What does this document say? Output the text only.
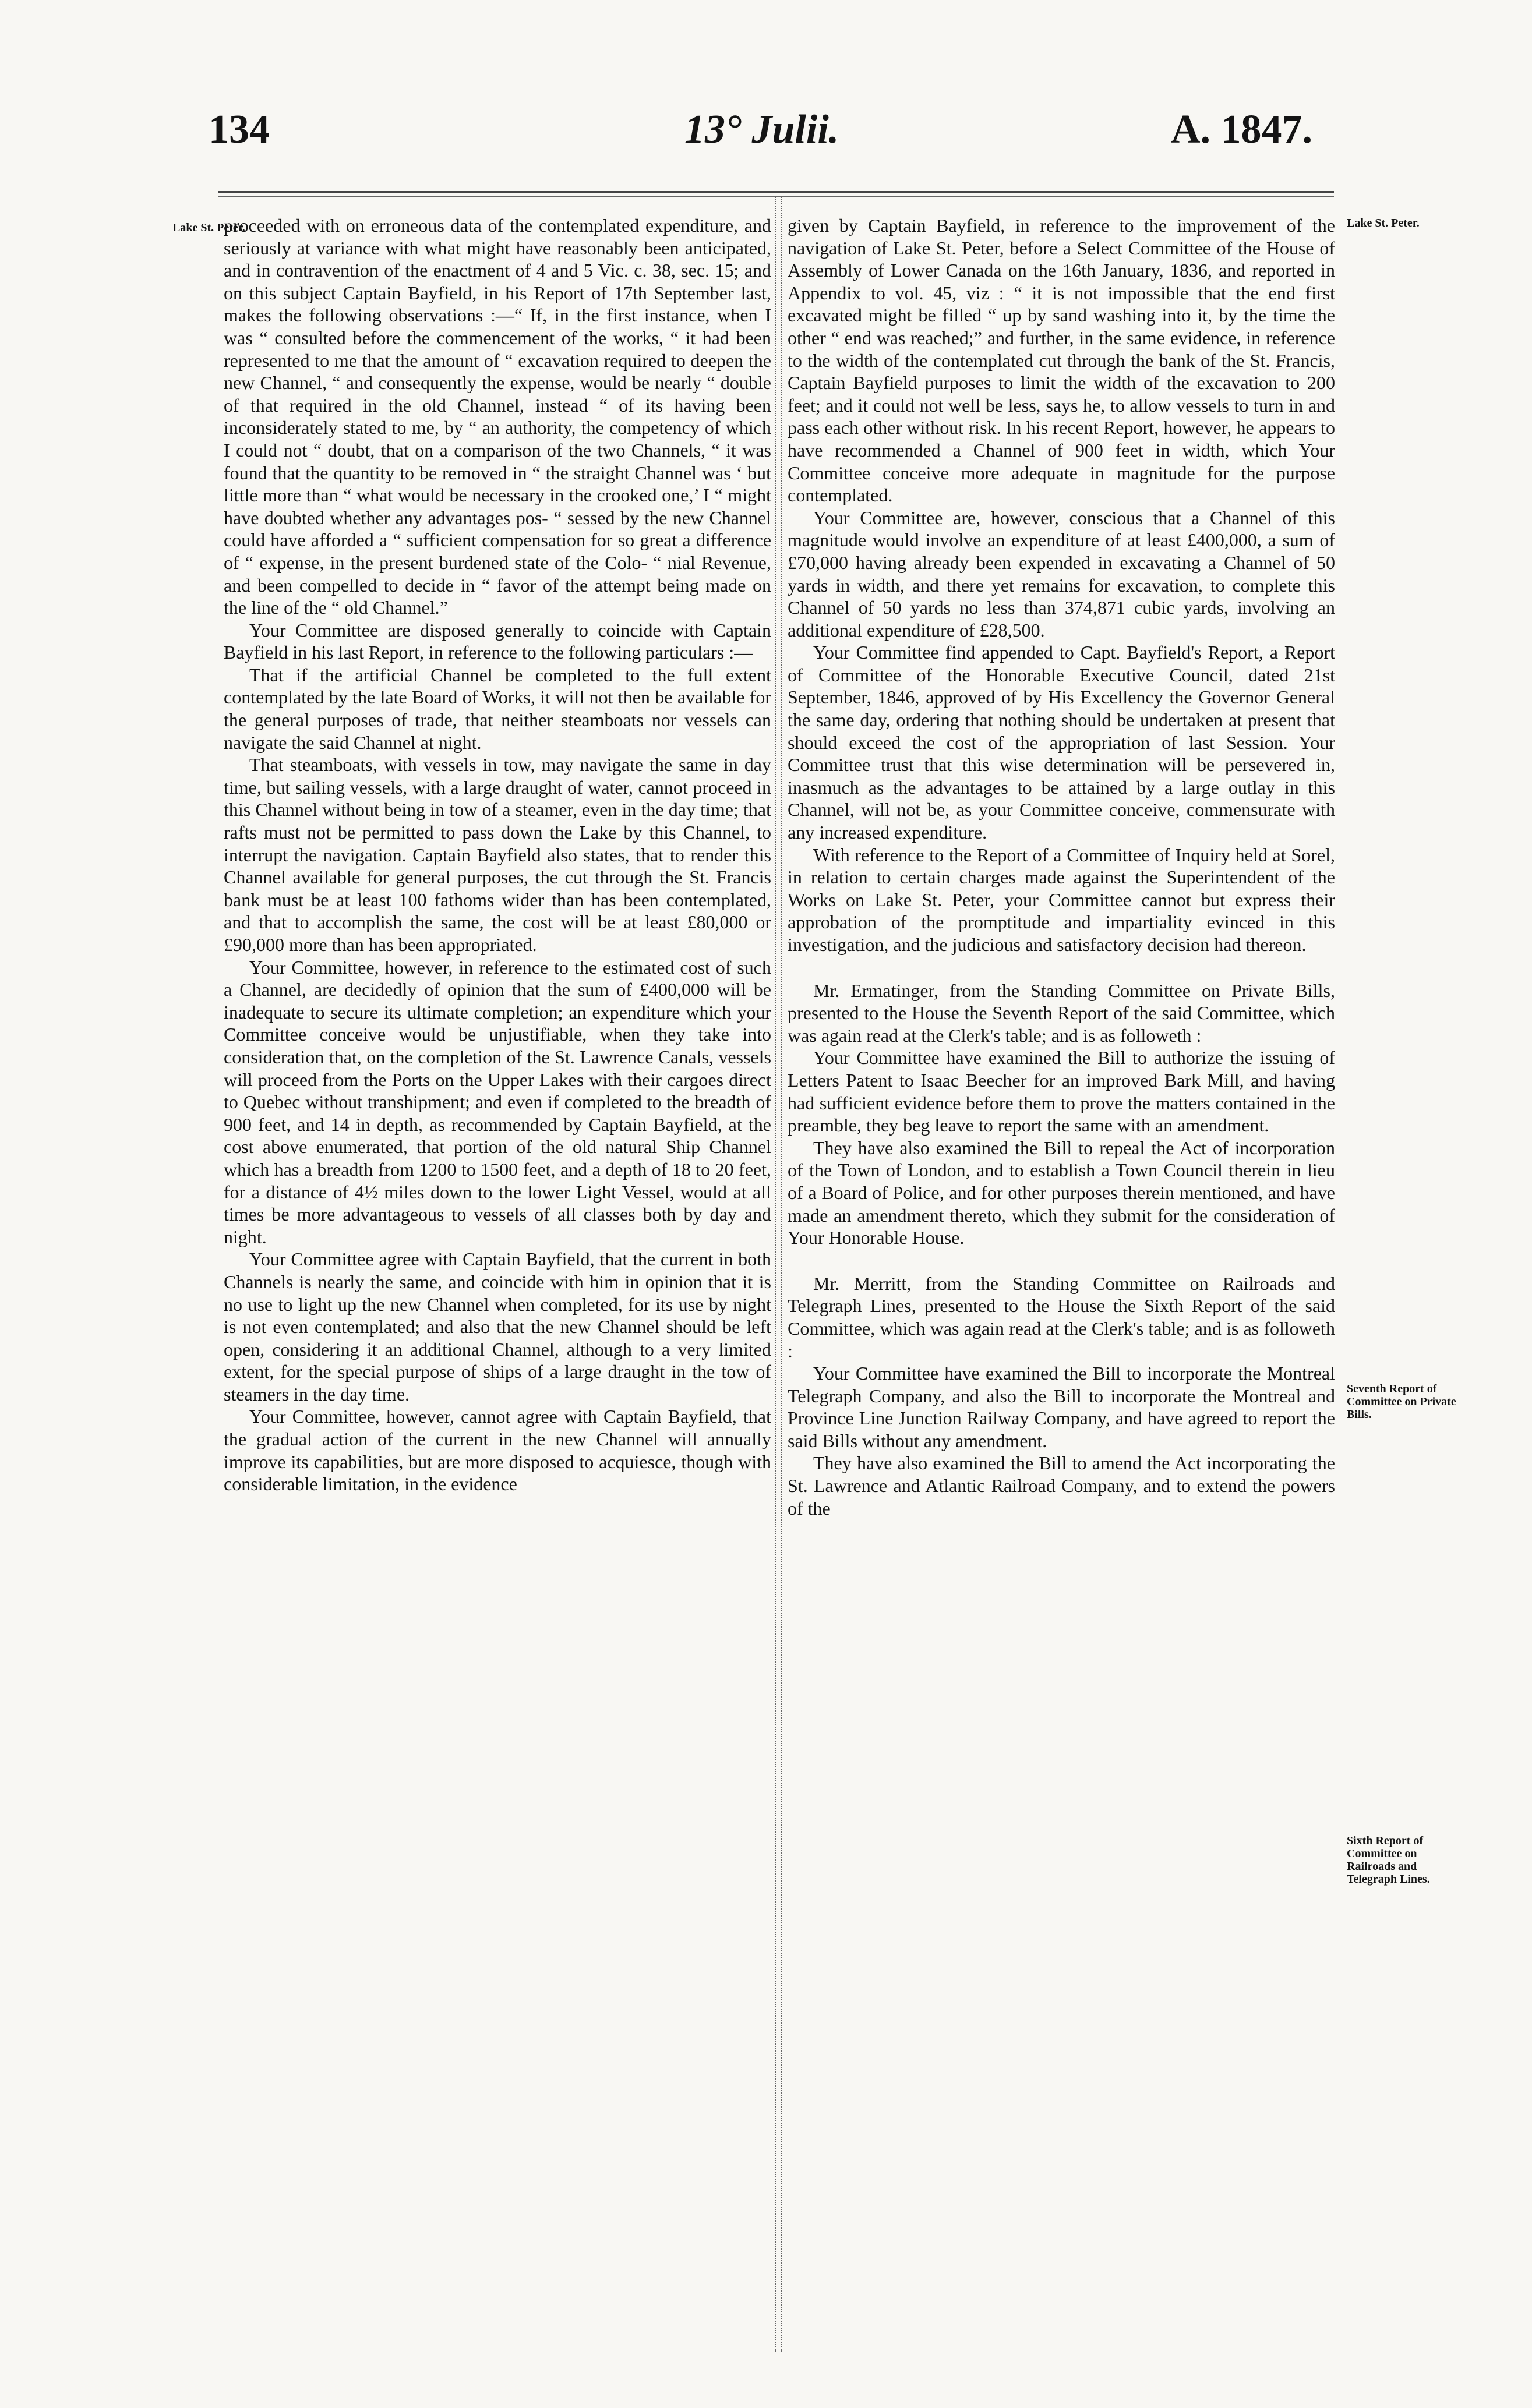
134	13° Julii.	A. 1847.
Lake St. Peter.	Lake St. Peter.
Seventh Report of Committee on Private Bills.
Sixth Report of Committee on Railroads and Telegraph Lines.

proceeded with on erroneous data of the contemplated expenditure, and seriously at variance with what might have reasonably been anticipated, and in contravention of the enactment of 4 and 5 Vic. c. 38, sec. 15; and on this subject Captain Bayfield, in his Report of 17th September last, makes the following observations :—“ If, in the first instance, when I was “ consulted before the commencement of the works, “ it had been represented to me that the amount of “ excavation required to deepen the new Channel, “ and consequently the expense, would be nearly “ double of that required in the old Channel, instead “ of its having been inconsiderately stated to me, by “ an authority, the competency of which I could not “ doubt, that on a comparison of the two Channels, “ it was found that the quantity to be removed in “ the straight Channel was ‘ but little more than “ what would be necessary in the crooked one,’ I “ might have doubted whether any advantages pos- “ sessed by the new Channel could have afforded a “ sufficient compensation for so great a difference of “ expense, in the present burdened state of the Colo- “ nial Revenue, and been compelled to decide in “ favor of the attempt being made on the line of the “ old Channel.”

Your Committee are disposed generally to coincide with Captain Bayfield in his last Report, in reference to the following particulars :—

That if the artificial Channel be completed to the full extent contemplated by the late Board of Works, it will not then be available for the general purposes of trade, that neither steamboats nor vessels can navigate the said Channel at night.

That steamboats, with vessels in tow, may navigate the same in day time, but sailing vessels, with a large draught of water, cannot proceed in this Channel without being in tow of a steamer, even in the day time; that rafts must not be permitted to pass down the Lake by this Channel, to interrupt the navigation. Captain Bayfield also states, that to render this Channel available for general purposes, the cut through the St. Francis bank must be at least 100 fathoms wider than has been contemplated, and that to accomplish the same, the cost will be at least £80,000 or £90,000 more than has been appropriated.

Your Committee, however, in reference to the estimated cost of such a Channel, are decidedly of opinion that the sum of £400,000 will be inadequate to secure its ultimate completion; an expenditure which your Committee conceive would be unjustifiable, when they take into consideration that, on the completion of the St. Lawrence Canals, vessels will proceed from the Ports on the Upper Lakes with their cargoes direct to Quebec without transhipment; and even if completed to the breadth of 900 feet, and 14 in depth, as recommended by Captain Bayfield, at the cost above enumerated, that portion of the old natural Ship Channel which has a breadth from 1200 to 1500 feet, and a depth of 18 to 20 feet, for a distance of 4½ miles down to the lower Light Vessel, would at all times be more advantageous to vessels of all classes both by day and night.

Your Committee agree with Captain Bayfield, that the current in both Channels is nearly the same, and coincide with him in opinion that it is no use to light up the new Channel when completed, for its use by night is not even contemplated; and also that the new Channel should be left open, considering it an additional Channel, although to a very limited extent, for the special purpose of ships of a large draught in the tow of steamers in the day time.

Your Committee, however, cannot agree with Captain Bayfield, that the gradual action of the current in the new Channel will annually improve its capabilities, but are more disposed to acquiesce, though with considerable limitation, in the evidence

given by Captain Bayfield, in reference to the improvement of the navigation of Lake St. Peter, before a Select Committee of the House of Assembly of Lower Canada on the 16th January, 1836, and reported in Appendix to vol. 45, viz : “ it is not impossible that the end first excavated might be filled “ up by sand washing into it, by the time the other “ end was reached;” and further, in the same evidence, in reference to the width of the contemplated cut through the bank of the St. Francis, Captain Bayfield purposes to limit the width of the excavation to 200 feet; and it could not well be less, says he, to allow vessels to turn in and pass each other without risk. In his recent Report, however, he appears to have recommended a Channel of 900 feet in width, which Your Committee conceive more adequate in magnitude for the purpose contemplated.

Your Committee are, however, conscious that a Channel of this magnitude would involve an expenditure of at least £400,000, a sum of £70,000 having already been expended in excavating a Channel of 50 yards in width, and there yet remains for excavation, to complete this Channel of 50 yards no less than 374,871 cubic yards, involving an additional expenditure of £28,500.

Your Committee find appended to Capt. Bayfield's Report, a Report of Committee of the Honorable Executive Council, dated 21st September, 1846, approved of by His Excellency the Governor General the same day, ordering that nothing should be undertaken at present that should exceed the cost of the appropriation of last Session. Your Committee trust that this wise determination will be persevered in, inasmuch as the advantages to be attained by a large outlay in this Channel, will not be, as your Committee conceive, commensurate with any increased expenditure.

With reference to the Report of a Committee of Inquiry held at Sorel, in relation to certain charges made against the Superintendent of the Works on Lake St. Peter, your Committee cannot but express their approbation of the promptitude and impartiality evinced in this investigation, and the judicious and satisfactory decision had thereon.

Mr. Ermatinger, from the Standing Committee on Private Bills, presented to the House the Seventh Report of the said Committee, which was again read at the Clerk's table; and is as followeth :

Your Committee have examined the Bill to authorize the issuing of Letters Patent to Isaac Beecher for an improved Bark Mill, and having had sufficient evidence before them to prove the matters contained in the preamble, they beg leave to report the same with an amendment.

They have also examined the Bill to repeal the Act of incorporation of the Town of London, and to establish a Town Council therein in lieu of a Board of Police, and for other purposes therein mentioned, and have made an amendment thereto, which they submit for the consideration of Your Honorable House.

Mr. Merritt, from the Standing Committee on Railroads and Telegraph Lines, presented to the House the Sixth Report of the said Committee, which was again read at the Clerk's table; and is as followeth :

Your Committee have examined the Bill to incorporate the Montreal Telegraph Company, and also the Bill to incorporate the Montreal and Province Line Junction Railway Company, and have agreed to report the said Bills without any amendment.

They have also examined the Bill to amend the Act incorporating the St. Lawrence and Atlantic Railroad Company, and to extend the powers of the
